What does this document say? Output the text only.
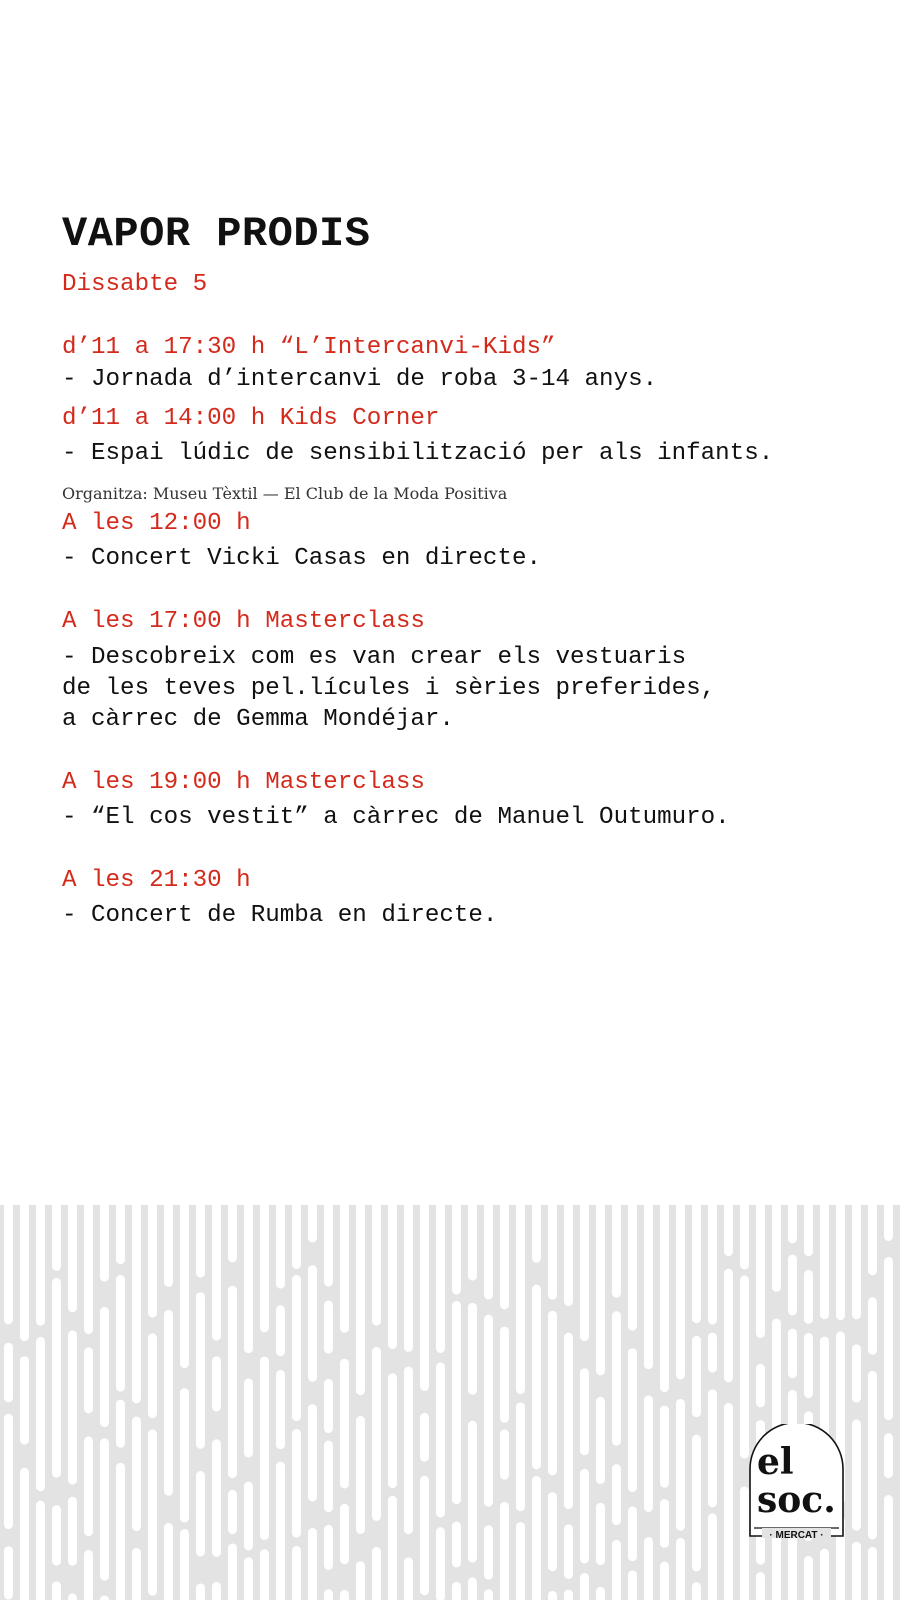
VAPOR PRODIS
Dissabte 5
d’11 a 17:30 h “L’Intercanvi-Kids”
- Jornada d’intercanvi de roba 3-14 anys.
d’11 a 14:00 h Kids Corner
- Espai lúdic de sensibilització per als infants.
Organitza: Museu Tèxtil — El Club de la Moda Positiva
A les 12:00 h
- Concert Vicki Casas en directe.
A les 17:00 h Masterclass
- Descobreix com es van crear els vestuaris
de les teves pel.lícules i sèries preferides,
a càrrec de Gemma Mondéjar.
A les 19:00 h Masterclass
- “El cos vestit” a càrrec de Manuel Outumuro.
A les 21:30 h
- Concert de Rumba en directe.
el
soc.
· MERCAT ·
